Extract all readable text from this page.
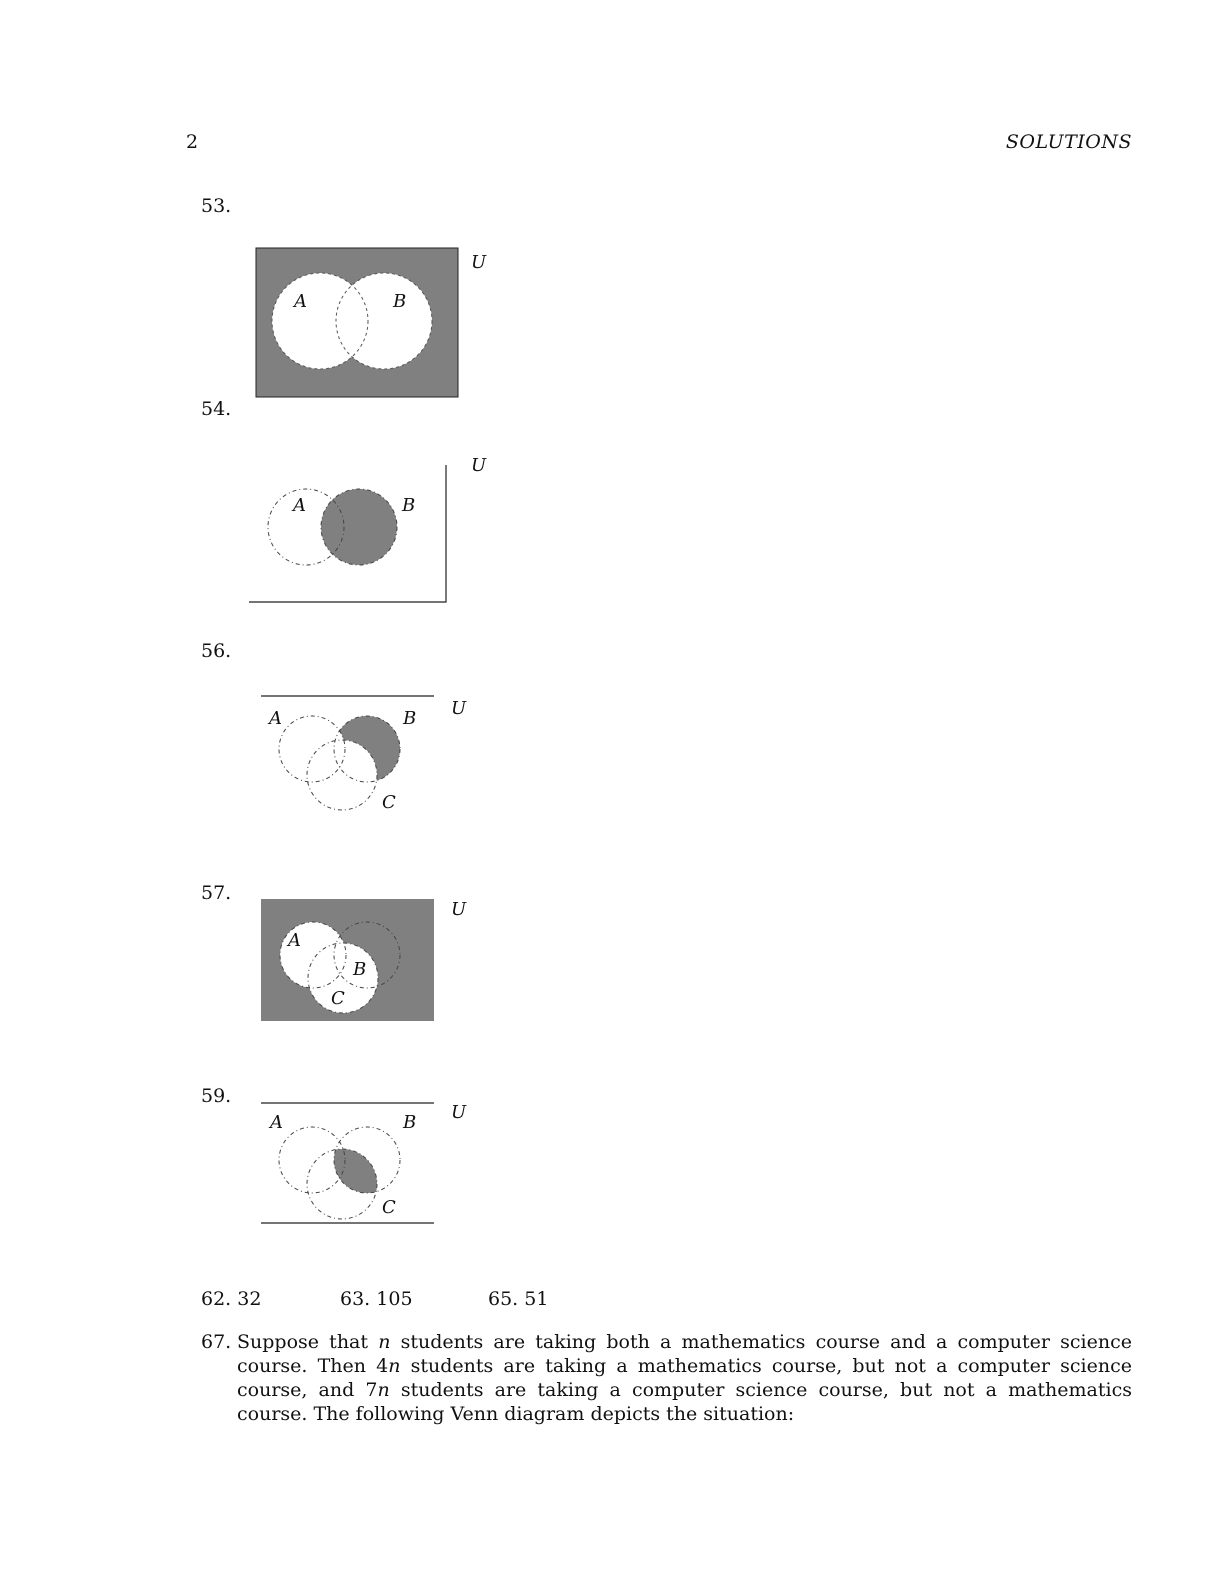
2	SOLUTIONS
53.
A	B
U
54.
A	B
U
56.
A	B
C
U
57.
A
B
C
U
59.
A	B
C
U
62. 32	63. 105	65. 51
67. Suppose that n students are taking both a mathematics course and a computer science course. Then 4n students are taking a mathematics course, but not a computer science course, and 7n students are taking a computer science course, but not a mathematics course. The following Venn diagram depicts the situation:
